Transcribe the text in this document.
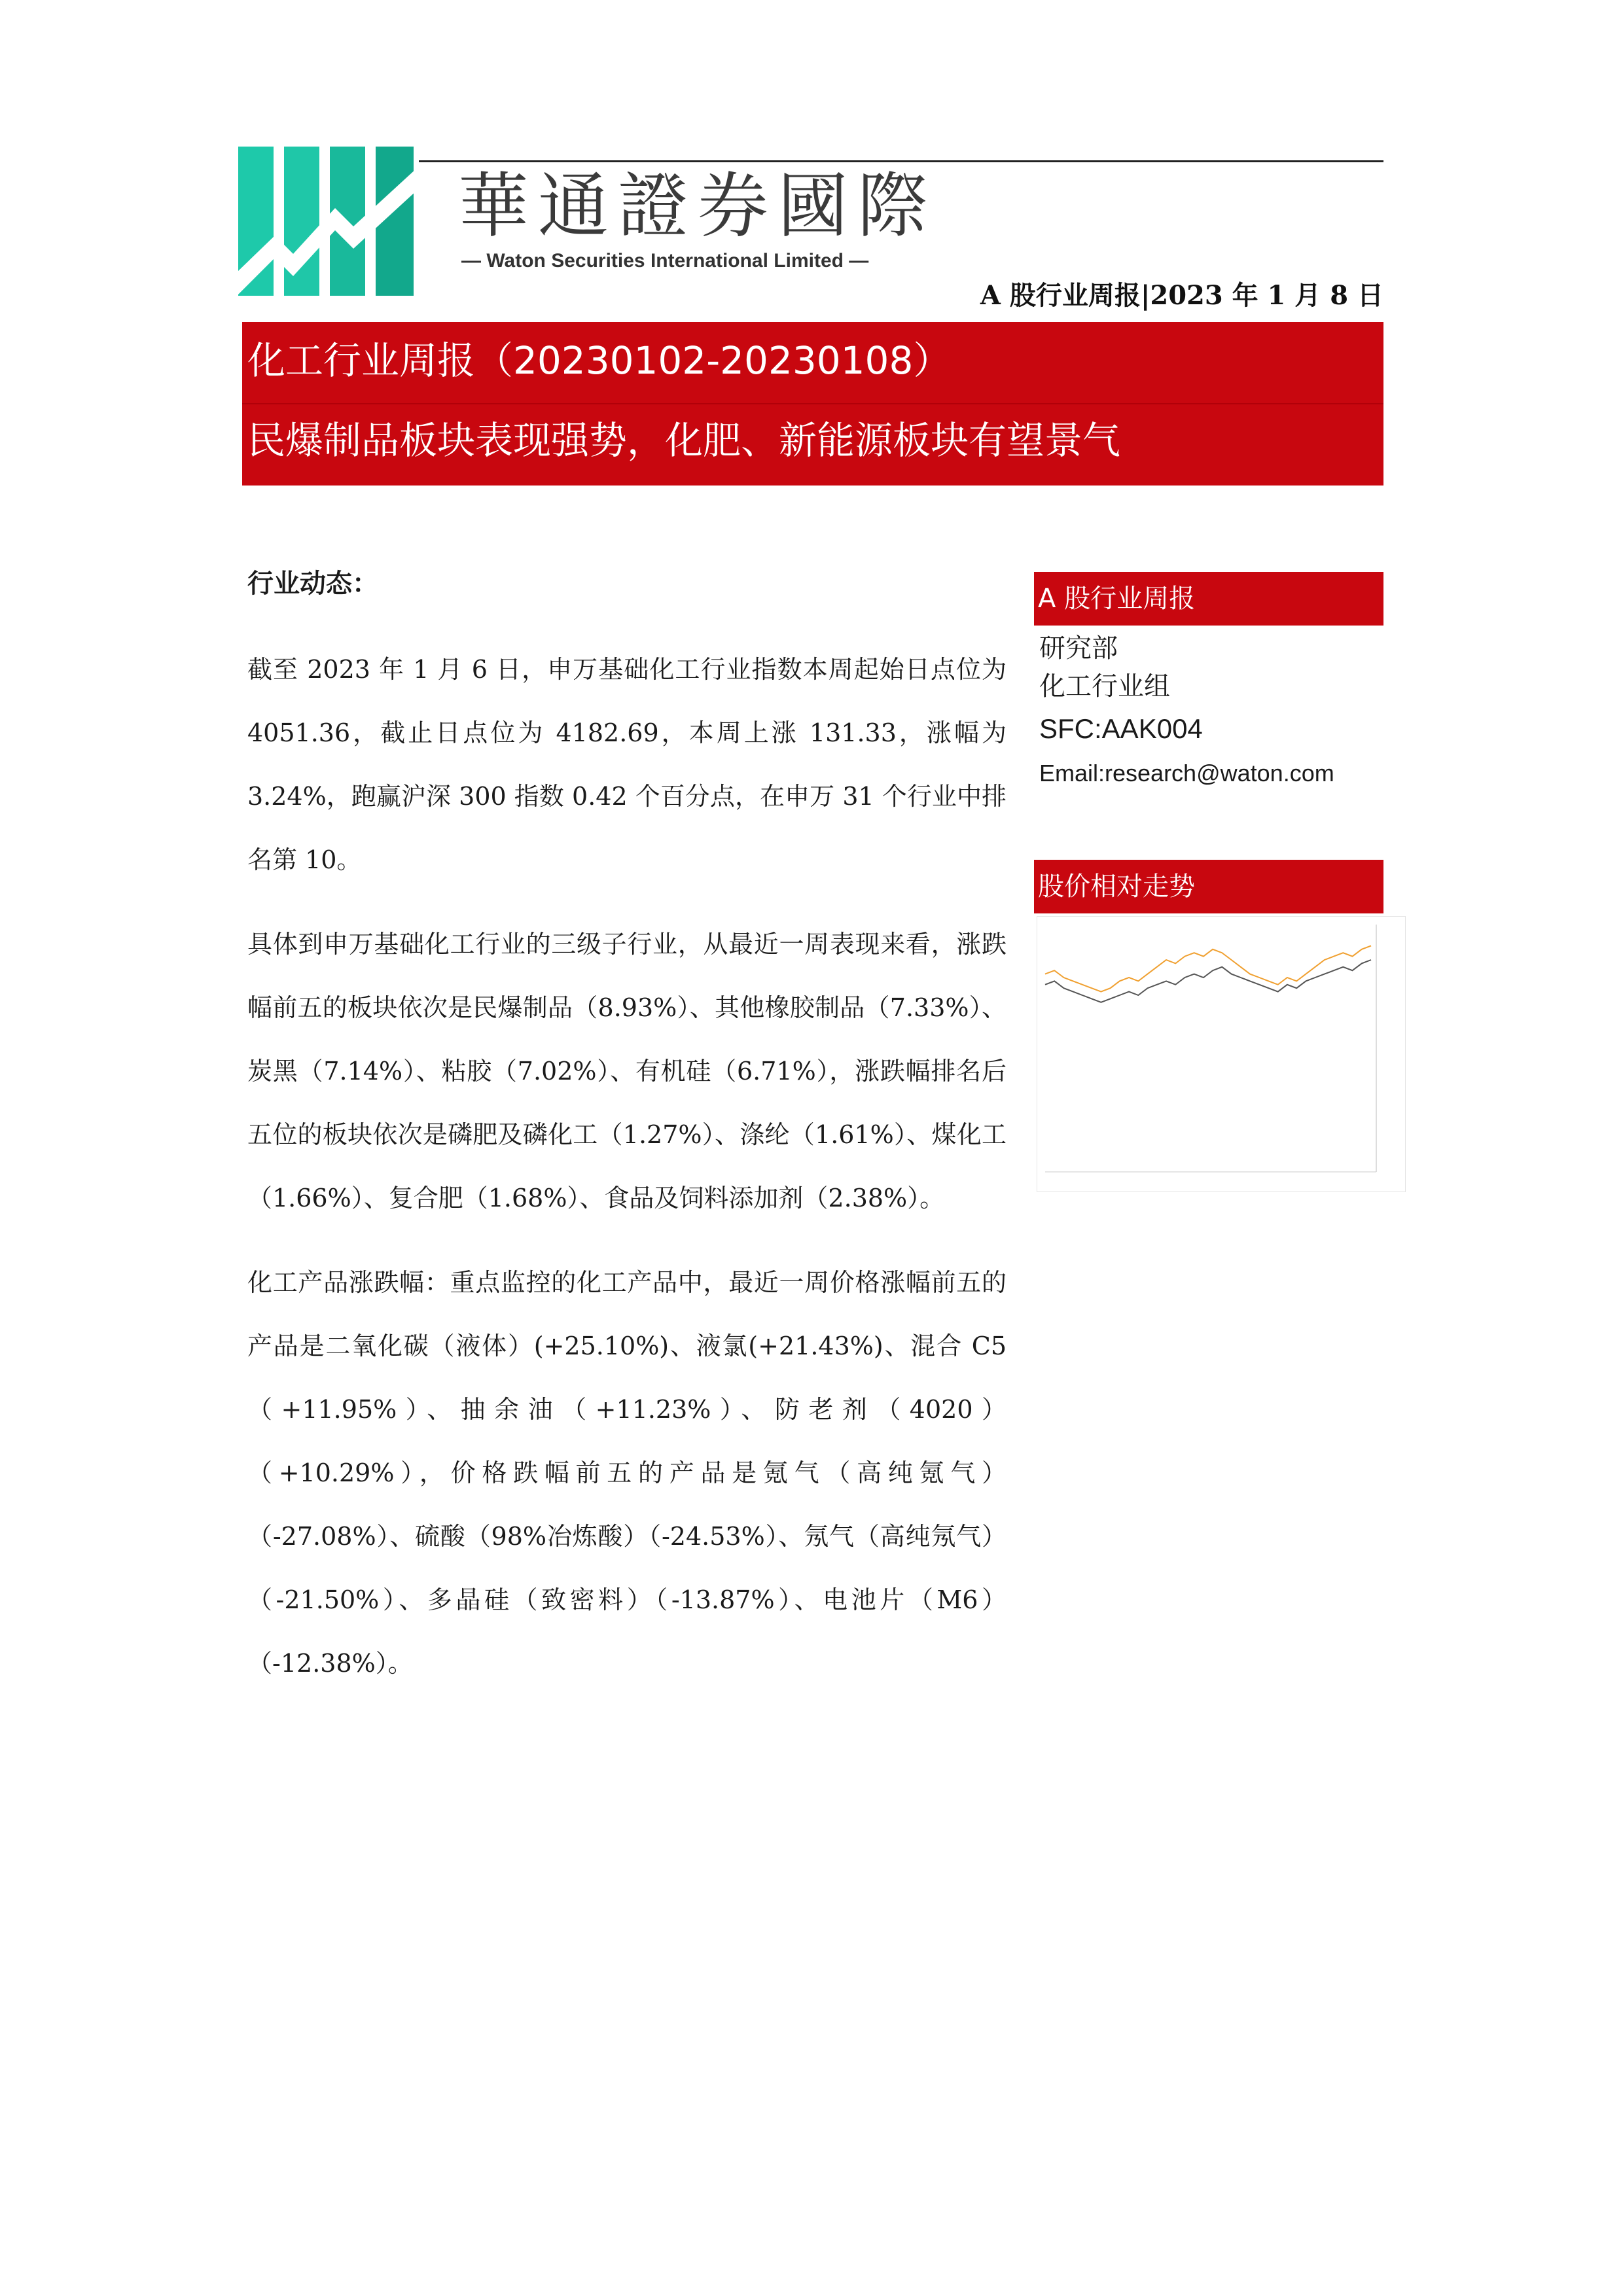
華通證券國際
— Waton Securities International Limited —
A 股行业周报|2023 年 1 月 8 日
化工行业周报（20230102-20230108）
民爆制品板块表现强势，化肥、新能源板块有望景气
行业动态：

截至 2023 年 1 月 6 日，申万基础化工行业指数本周起始日点位为 4051.36，截止日点位为 4182.69，本周上涨 131.33，涨幅为 3.24%，跑赢沪深 300 指数 0.42 个百分点，在申万 31 个行业中排名第 10。

具体到申万基础化工行业的三级子行业，从最近一周表现来看，涨跌幅前五的板块依次是民爆制品（8.93%）、其他橡胶制品（7.33%）、炭黑（7.14%）、粘胶（7.02%）、有机硅（6.71%），涨跌幅排名后五位的板块依次是磷肥及磷化工（1.27%）、涤纶（1.61%）、煤化工（1.66%）、复合肥（1.68%）、食品及饲料添加剂（2.38%）。

化工产品涨跌幅：重点监控的化工产品中，最近一周价格涨幅前五的产品是二氧化碳（液体）(+25.10%)、液氯(+21.43%)、混合 C5（+11.95%）、抽余油（+11.23%）、防老剂（4020）（+10.29%），价格跌幅前五的产品是氪气（高纯氪气）（-27.08%）、硫酸（98%冶炼酸）（-24.53%）、氖气（高纯氖气）（-21.50%）、多晶硅（致密料）（-13.87%）、电池片（M6）（-12.38%）。

A 股行业周报
研究部
化工行业组
SFC:AAK004
Email:research@waton.com
股价相对走势
